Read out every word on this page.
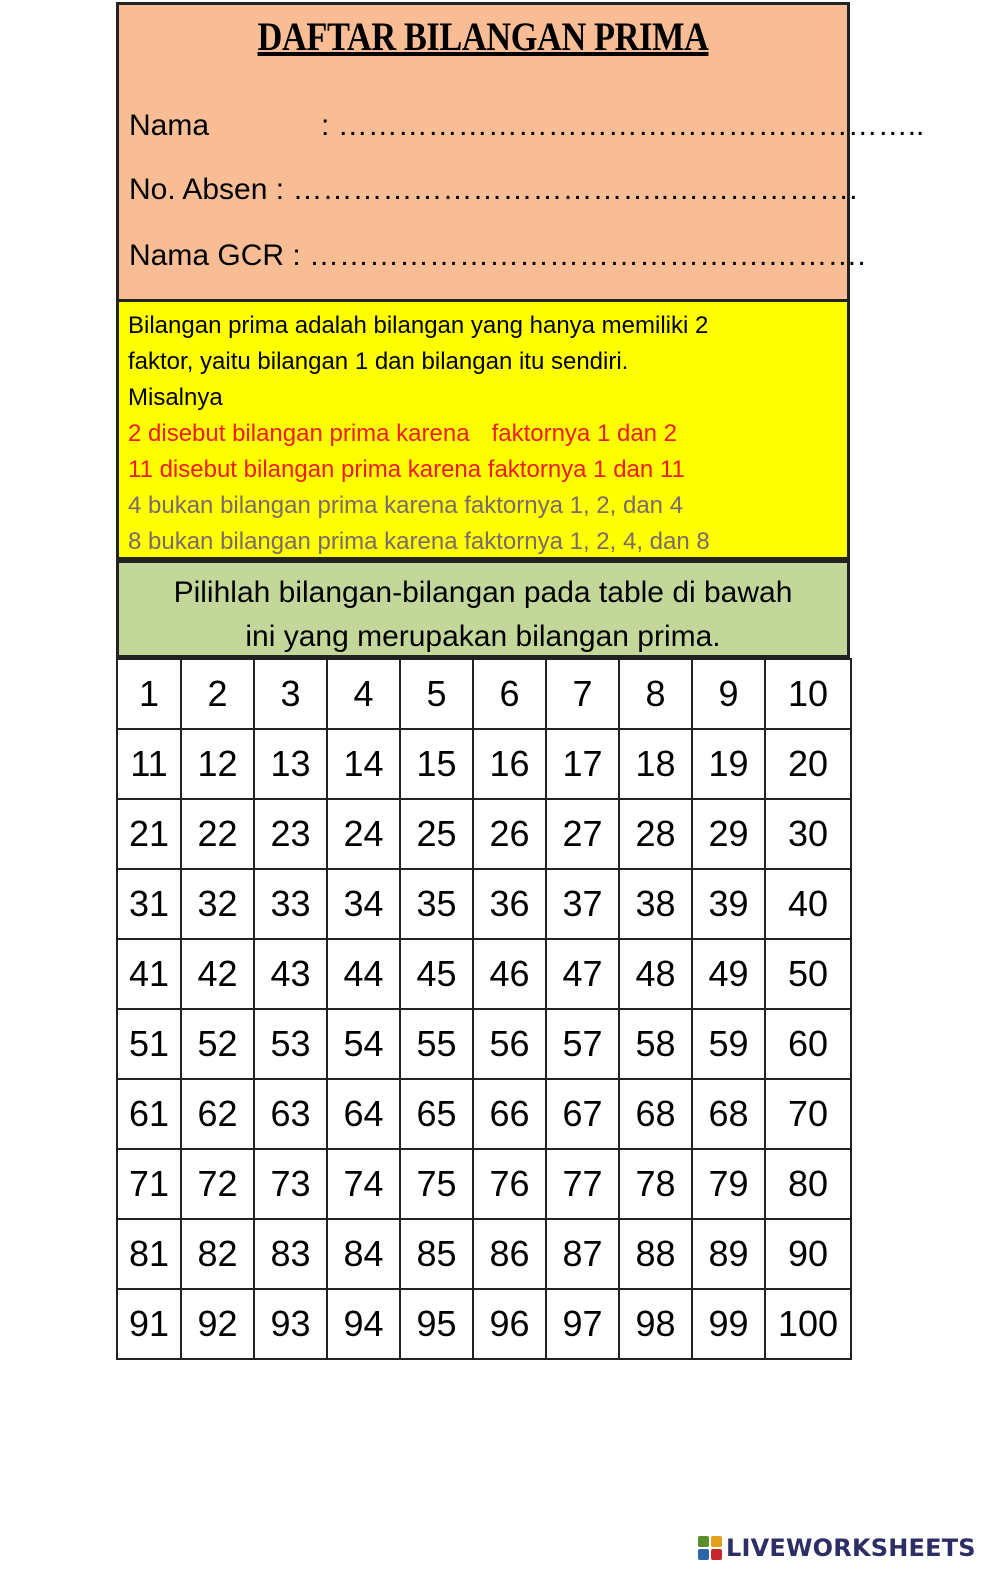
DAFTAR BILANGAN PRIMA
Nama	: …………………………………………………..
No. Absen : ………………………………..……………….
Nama GCR : ……………………………………….……….
Bilangan prima adalah bilangan yang hanya memiliki 2
faktor, yaitu bilangan 1 dan bilangan itu sendiri.
Misalnya
2 disebut bilangan prima karena faktornya 1 dan 2
11 disebut bilangan prima karena faktornya 1 dan 11
4 bukan bilangan prima karena faktornya 1, 2, dan 4
8 bukan bilangan prima karena faktornya 1, 2, 4, dan 8
Pilihlah bilangan-bilangan pada table di bawah
ini yang merupakan bilangan prima.
1	2	3	4	5	6	7	8	9	10
11	12	13	14	15	16	17	18	19	20
21	22	23	24	25	26	27	28	29	30
31	32	33	34	35	36	37	38	39	40
41	42	43	44	45	46	47	48	49	50
51	52	53	54	55	56	57	58	59	60
61	62	63	64	65	66	67	68	68	70
71	72	73	74	75	76	77	78	79	80
81	82	83	84	85	86	87	88	89	90
91	92	93	94	95	96	97	98	99	100
LIVEWORKSHEETS
